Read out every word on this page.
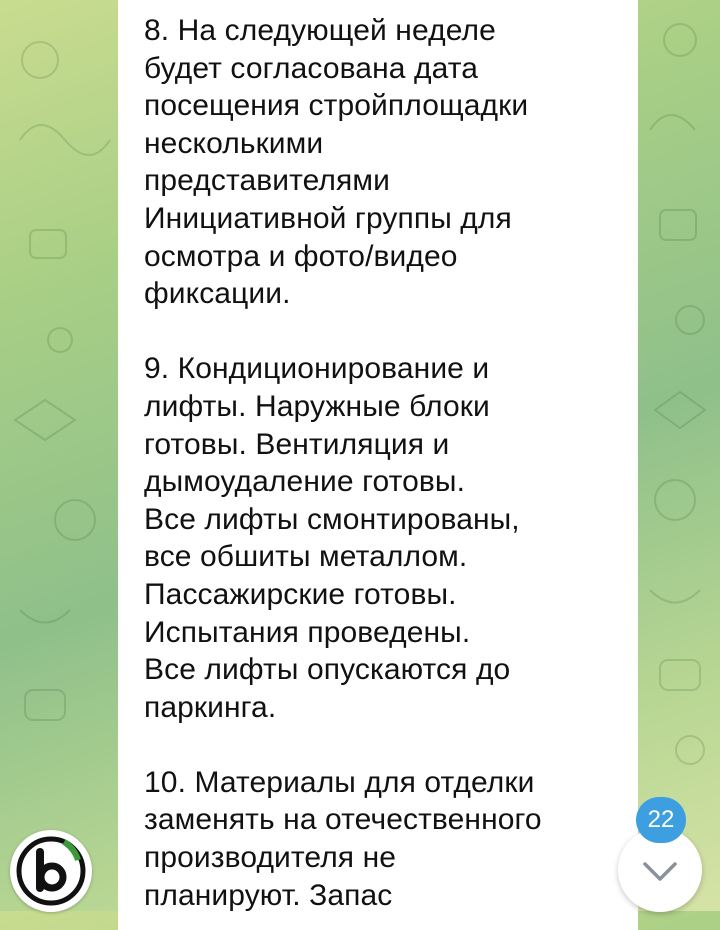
8. На следующей неделе
будет согласована дата
посещения стройплощадки
несколькими
представителями
Инициативной группы для
осмотра и фото/видео
фиксации.

9. Кондиционирование и
лифты. Наружные блоки
готовы. Вентиляция и
дымоудаление готовы.
Все лифты смонтированы,
все обшиты металлом.
Пассажирские готовы.
Испытания проведены.
Все лифты опускаются до
паркинга.

10. Материалы для отделки
заменять на отечественного
производителя не
планируют. Запас

22
